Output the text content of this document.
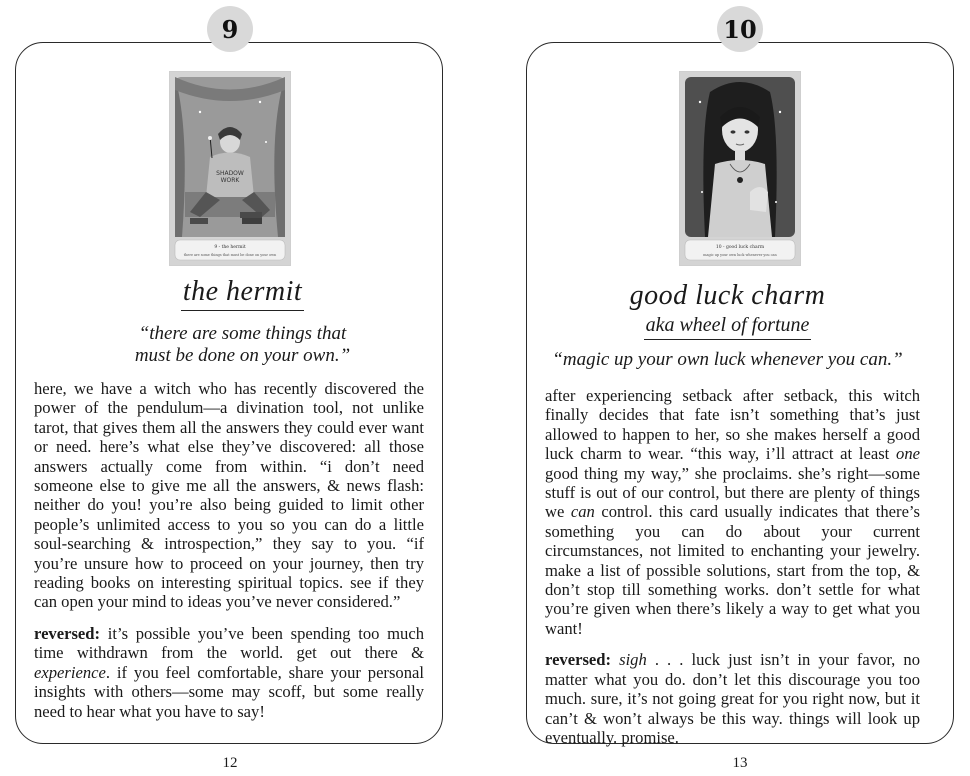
9
SHADOW
WORK
9 - the hermit
there are some things that must be done on your own
the hermit
“there are some things that
must be done on your own.”

here, we have a witch who has recently discovered the power of the pendulum—a divination tool, not unlike tarot, that gives them all the answers they could ever want or need. here’s what else they’ve discovered: all those answers actually come from within. “i don’t need someone else to give me all the answers, & news flash: neither do you! you’re also being guided to limit other people’s unlimited access to you so you can do a little soul-searching & introspection,” they say to you. “if you’re unsure how to proceed on your journey, then try reading books on interesting spiritual topics. see if they can open your mind to ideas you’ve never considered.”

reversed: it’s possible you’ve been spending too much time withdrawn from the world. get out there & experience. if you feel comfortable, share your personal insights with others—some may scoff, but some really need to hear what you have to say!

12
10
10 - good luck charm
magic up your own luck whenever you can
good luck charm
aka wheel of fortune
“magic up your own luck whenever you can.”

after experiencing setback after setback, this witch finally decides that fate isn’t something that’s just allowed to happen to her, so she makes herself a good luck charm to wear. “this way, i’ll attract at least one good thing my way,” she proclaims. she’s right—some stuff is out of our control, but there are plenty of things we can control. this card usually indicates that there’s something you can do about your current circumstances, not limited to enchanting your jewelry. make a list of possible solutions, start from the top, & don’t stop till something works. don’t settle for what you’re given when there’s likely a way to get what you want!

reversed: sigh . . . luck just isn’t in your favor, no matter what you do. don’t let this discourage you too much. sure, it’s not going great for you right now, but it can’t & won’t always be this way. things will look up eventually. promise.

13
